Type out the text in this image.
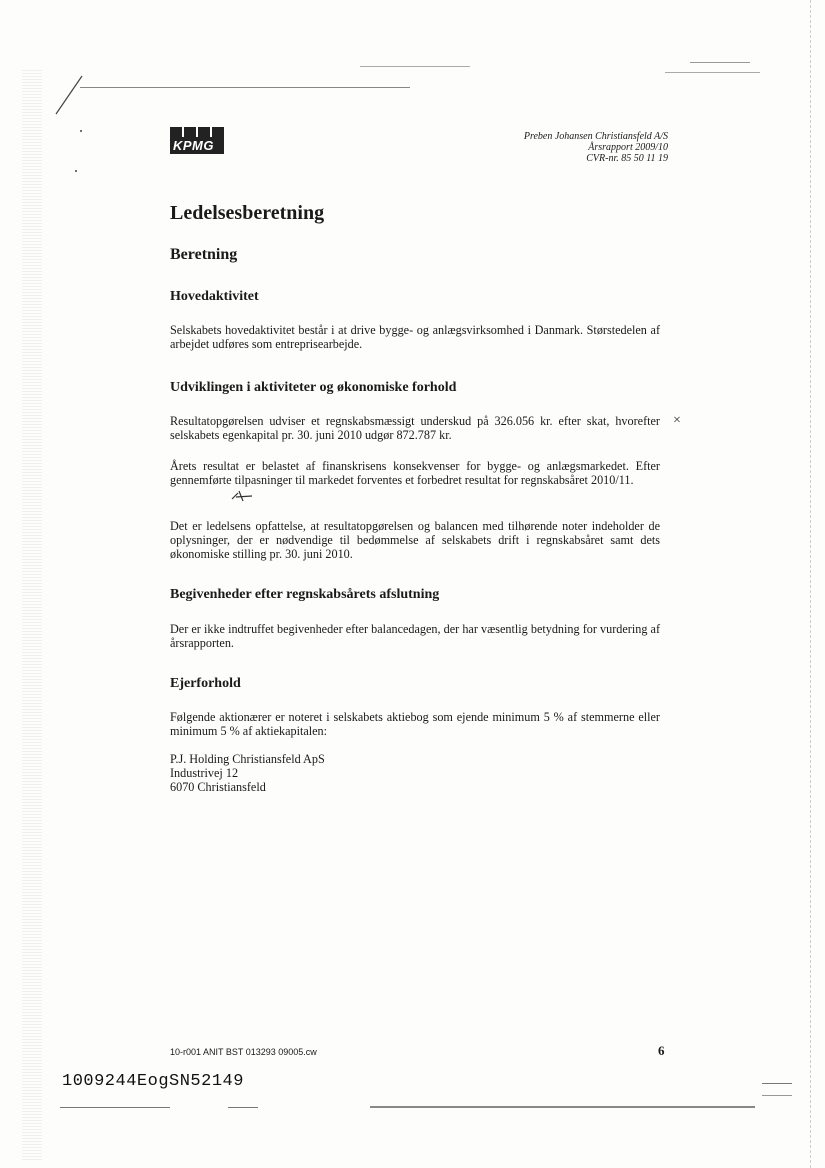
KPMG
Preben Johansen Christiansfeld A/S
Årsrapport 2009/10
CVR-nr. 85 50 11 19
Ledelsesberetning
Beretning
Hovedaktivitet

Selskabets hovedaktivitet består i at drive bygge- og anlægsvirksomhed i Danmark. Størstedelen af arbejdet udføres som entreprisearbejde.

Udviklingen i aktiviteter og økonomiske forhold

Resultatopgørelsen udviser et regnskabsmæssigt underskud på 326.056 kr. efter skat, hvorefter selskabets egenkapital pr. 30. juni 2010 udgør 872.787 kr.

×

Årets resultat er belastet af finanskrisens konsekvenser for bygge- og anlægsmarkedet. Efter gennemførte tilpasninger til markedet forventes et forbedret resultat for regnskabsåret 2010/11.

Det er ledelsens opfattelse, at resultatopgørelsen og balancen med tilhørende noter indeholder de oplysninger, der er nødvendige til bedømmelse af selskabets drift i regnskabsåret samt dets økonomiske stilling pr. 30. juni 2010.

Begivenheder efter regnskabsårets afslutning

Der er ikke indtruffet begivenheder efter balancedagen, der har væsentlig betydning for vurdering af årsrapporten.

Ejerforhold

Følgende aktionærer er noteret i selskabets aktiebog som ejende minimum 5 % af stemmerne eller minimum 5 % af aktiekapitalen:

P.J. Holding Christiansfeld ApS
Industrivej 12
6070 Christiansfeld
10-r001 ANIT BST 013293 09005.cw	6
1009244EogSN52149
